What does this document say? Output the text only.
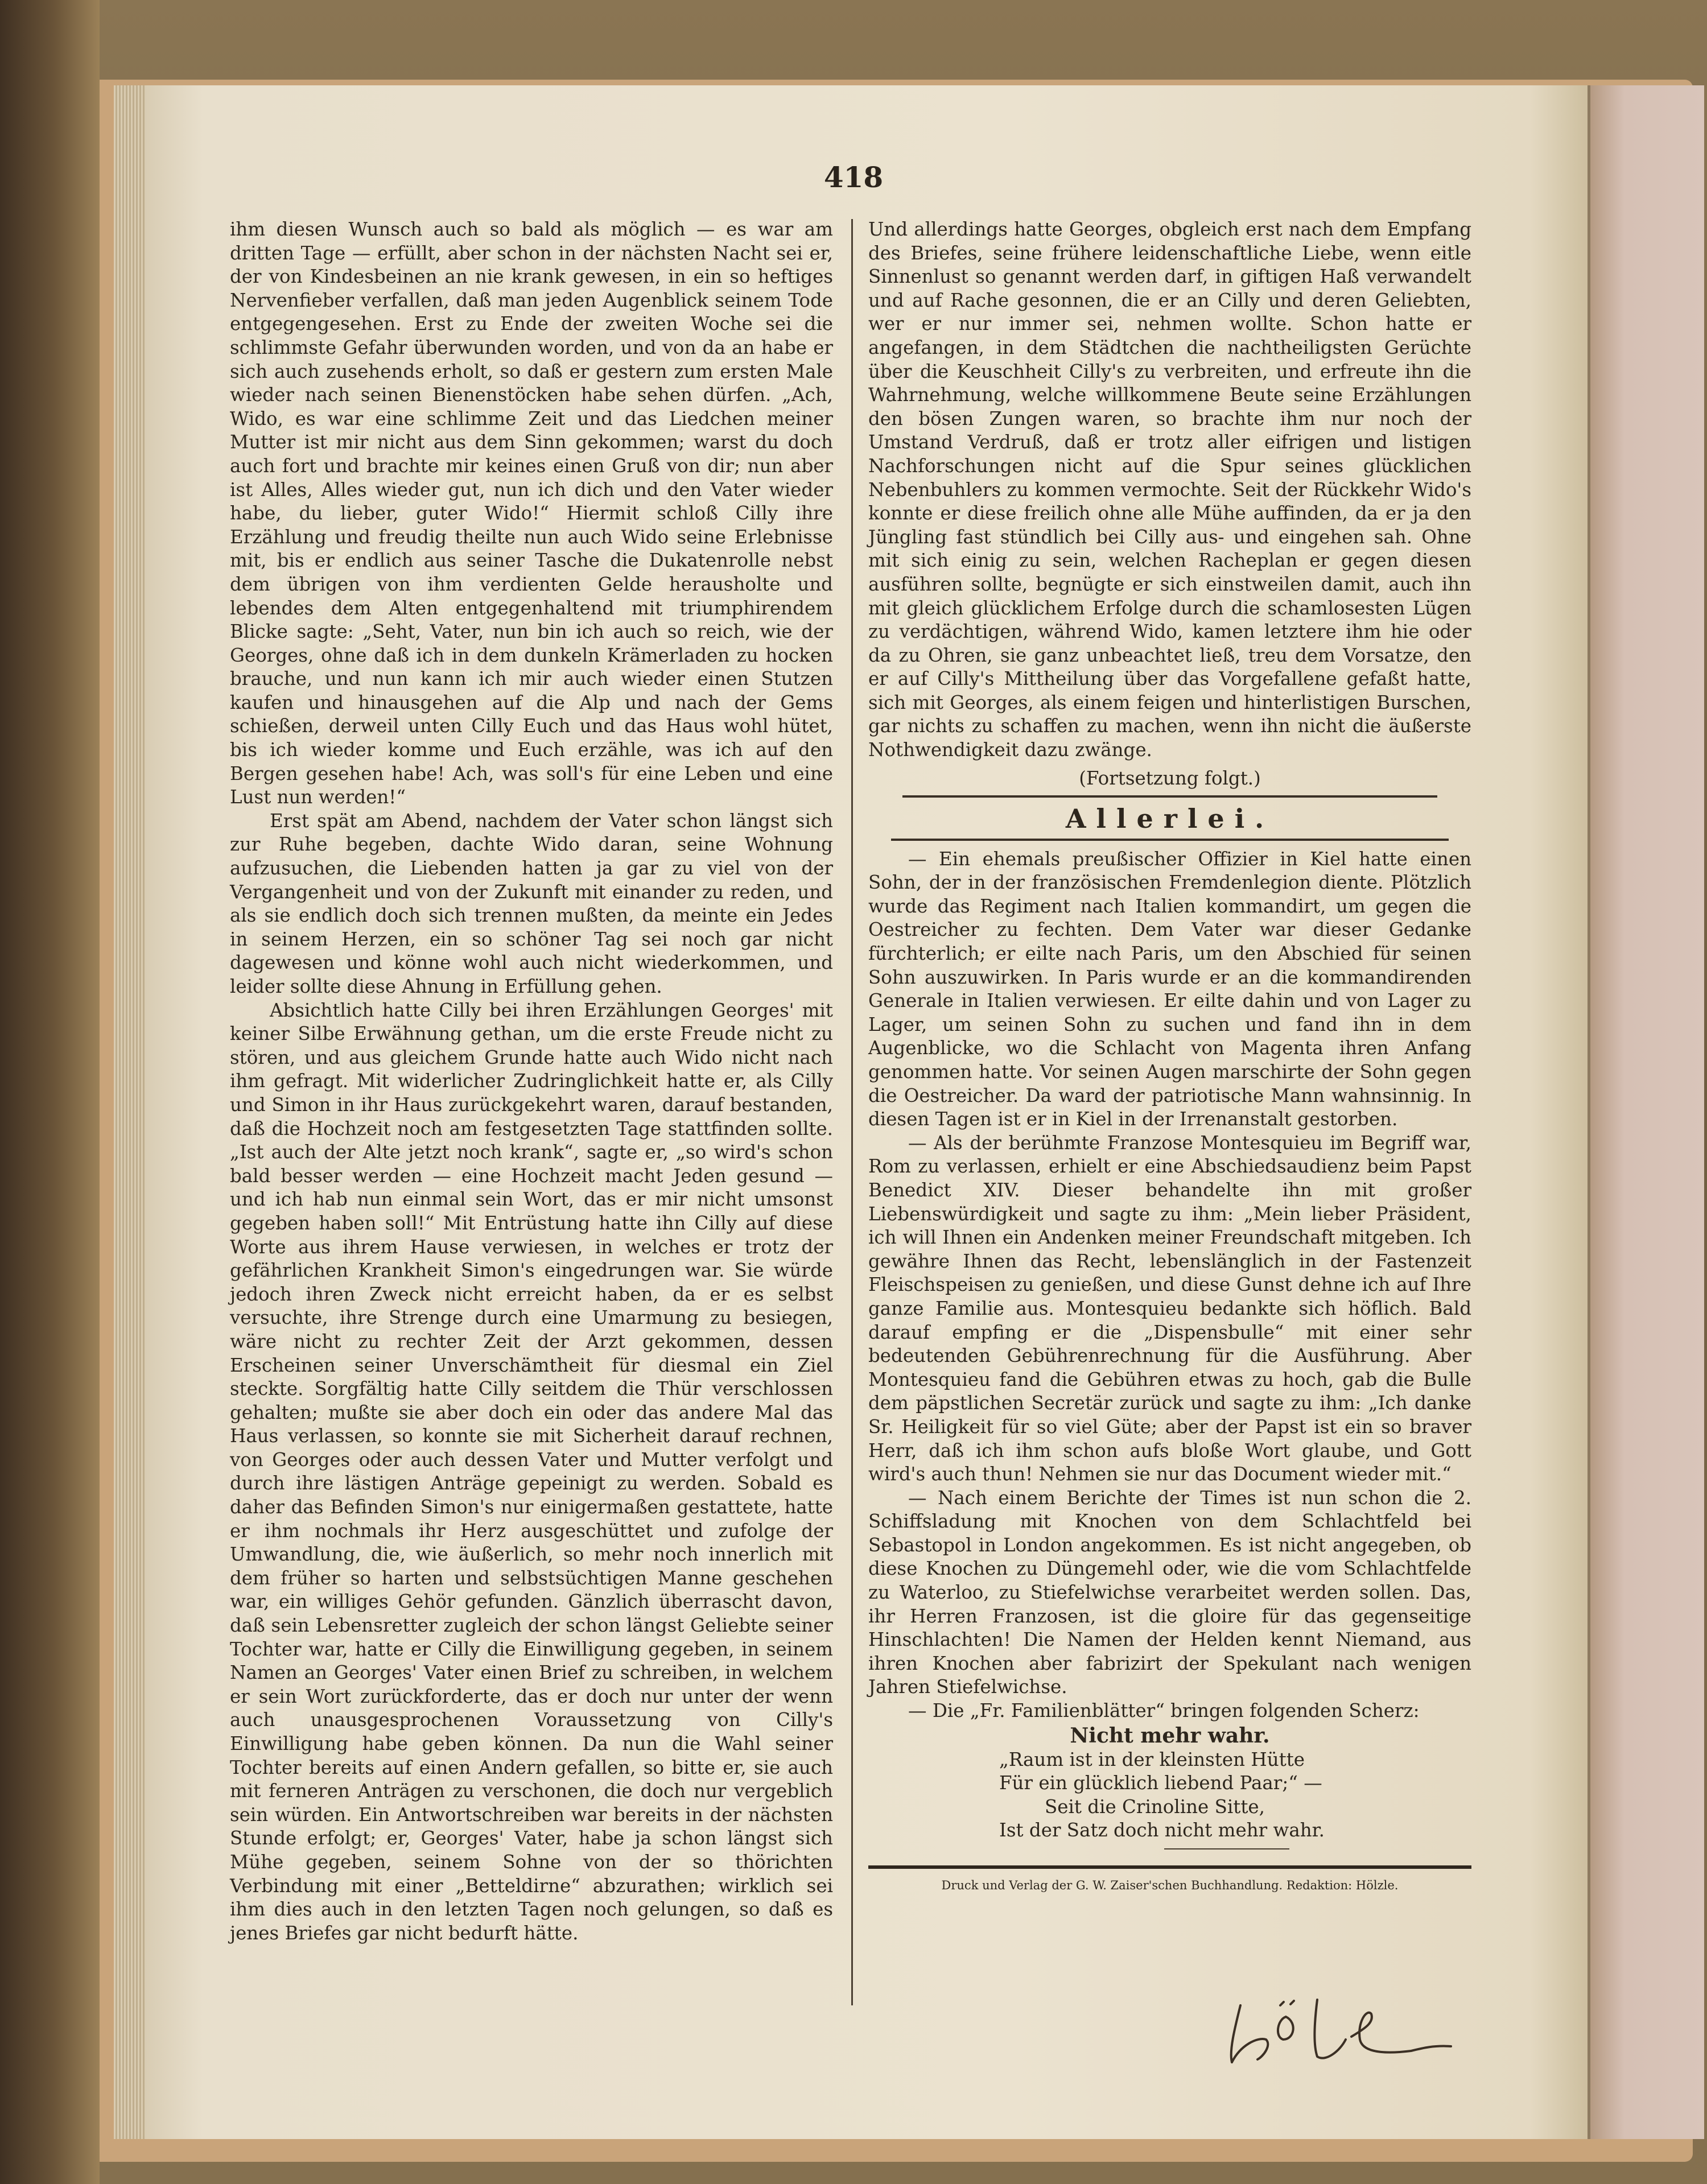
418

ihm diesen Wunsch auch so bald als möglich — es war am dritten Tage — erfüllt, aber schon in der nächsten Nacht sei er, der von Kindesbeinen an nie krank gewesen, in ein so heftiges Nervenfieber verfallen, daß man jeden Augenblick seinem Tode entgegengesehen. Erst zu Ende der zweiten Woche sei die schlimmste Gefahr überwunden worden, und von da an habe er sich auch zusehends erholt, so daß er gestern zum ersten Male wieder nach seinen Bienenstöcken habe sehen dürfen. „Ach, Wido, es war eine schlimme Zeit und das Liedchen meiner Mutter ist mir nicht aus dem Sinn gekommen; warst du doch auch fort und brachte mir keines einen Gruß von dir; nun aber ist Alles, Alles wieder gut, nun ich dich und den Vater wieder habe, du lieber, guter Wido!“ Hiermit schloß Cilly ihre Erzählung und freudig theilte nun auch Wido seine Erlebnisse mit, bis er endlich aus seiner Tasche die Dukatenrolle nebst dem übrigen von ihm verdienten Gelde herausholte und lebendes dem Alten entgegenhaltend mit triumphirendem Blicke sagte: „Seht, Vater, nun bin ich auch so reich, wie der Georges, ohne daß ich in dem dunkeln Krämerladen zu hocken brauche, und nun kann ich mir auch wieder einen Stutzen kaufen und hinausgehen auf die Alp und nach der Gems schießen, derweil unten Cilly Euch und das Haus wohl hütet, bis ich wieder komme und Euch erzähle, was ich auf den Bergen gesehen habe! Ach, was soll's für eine Leben und eine Lust nun werden!“

Erst spät am Abend, nachdem der Vater schon längst sich zur Ruhe begeben, dachte Wido daran, seine Wohnung aufzusuchen, die Liebenden hatten ja gar zu viel von der Vergangenheit und von der Zukunft mit einander zu reden, und als sie endlich doch sich trennen mußten, da meinte ein Jedes in seinem Herzen, ein so schöner Tag sei noch gar nicht dagewesen und könne wohl auch nicht wiederkommen, und leider sollte diese Ahnung in Erfüllung gehen.

Absichtlich hatte Cilly bei ihren Erzählungen Georges' mit keiner Silbe Erwähnung gethan, um die erste Freude nicht zu stören, und aus gleichem Grunde hatte auch Wido nicht nach ihm gefragt. Mit widerlicher Zudringlichkeit hatte er, als Cilly und Simon in ihr Haus zurückgekehrt waren, darauf bestanden, daß die Hochzeit noch am festgesetzten Tage stattfinden sollte. „Ist auch der Alte jetzt noch krank“, sagte er, „so wird's schon bald besser werden — eine Hochzeit macht Jeden gesund — und ich hab nun einmal sein Wort, das er mir nicht umsonst gegeben haben soll!“ Mit Entrüstung hatte ihn Cilly auf diese Worte aus ihrem Hause verwiesen, in welches er trotz der gefährlichen Krankheit Simon's eingedrungen war. Sie würde jedoch ihren Zweck nicht erreicht haben, da er es selbst versuchte, ihre Strenge durch eine Umarmung zu besiegen, wäre nicht zu rechter Zeit der Arzt gekommen, dessen Erscheinen seiner Unverschämtheit für diesmal ein Ziel steckte. Sorgfältig hatte Cilly seitdem die Thür verschlossen gehalten; mußte sie aber doch ein oder das andere Mal das Haus verlassen, so konnte sie mit Sicherheit darauf rechnen, von Georges oder auch dessen Vater und Mutter verfolgt und durch ihre lästigen Anträge gepeinigt zu werden. Sobald es daher das Befinden Simon's nur einigermaßen gestattete, hatte er ihm nochmals ihr Herz ausgeschüttet und zufolge der Umwandlung, die, wie äußerlich, so mehr noch innerlich mit dem früher so harten und selbstsüchtigen Manne geschehen war, ein williges Gehör gefunden. Gänzlich überrascht davon, daß sein Lebensretter zugleich der schon längst Geliebte seiner Tochter war, hatte er Cilly die Einwilligung gegeben, in seinem Namen an Georges' Vater einen Brief zu schreiben, in welchem er sein Wort zurückforderte, das er doch nur unter der wenn auch unausgesprochenen Voraussetzung von Cilly's Einwilligung habe geben können. Da nun die Wahl seiner Tochter bereits auf einen Andern gefallen, so bitte er, sie auch mit ferneren Anträgen zu verschonen, die doch nur vergeblich sein würden. Ein Antwortschreiben war bereits in der nächsten Stunde erfolgt; er, Georges' Vater, habe ja schon längst sich Mühe gegeben, seinem Sohne von der so thörichten Verbindung mit einer „Betteldirne“ abzurathen; wirklich sei ihm dies auch in den letzten Tagen noch gelungen, so daß es jenes Briefes gar nicht bedurft hätte.

Und allerdings hatte Georges, obgleich erst nach dem Empfang des Briefes, seine frühere leidenschaftliche Liebe, wenn eitle Sinnenlust so genannt werden darf, in giftigen Haß verwandelt und auf Rache gesonnen, die er an Cilly und deren Geliebten, wer er nur immer sei, nehmen wollte. Schon hatte er angefangen, in dem Städtchen die nachtheiligsten Gerüchte über die Keuschheit Cilly's zu verbreiten, und erfreute ihn die Wahrnehmung, welche willkommene Beute seine Erzählungen den bösen Zungen waren, so brachte ihm nur noch der Umstand Verdruß, daß er trotz aller eifrigen und listigen Nachforschungen nicht auf die Spur seines glücklichen Nebenbuhlers zu kommen vermochte. Seit der Rückkehr Wido's konnte er diese freilich ohne alle Mühe auffinden, da er ja den Jüngling fast stündlich bei Cilly aus- und eingehen sah. Ohne mit sich einig zu sein, welchen Racheplan er gegen diesen ausführen sollte, begnügte er sich einstweilen damit, auch ihn mit gleich glücklichem Erfolge durch die schamlosesten Lügen zu verdächtigen, während Wido, kamen letztere ihm hie oder da zu Ohren, sie ganz unbeachtet ließ, treu dem Vorsatze, den er auf Cilly's Mittheilung über das Vorgefallene gefaßt hatte, sich mit Georges, als einem feigen und hinterlistigen Burschen, gar nichts zu schaffen zu machen, wenn ihn nicht die äußerste Nothwendigkeit dazu zwänge.

(Fortsetzung folgt.)
Allerlei.

— Ein ehemals preußischer Offizier in Kiel hatte einen Sohn, der in der französischen Fremdenlegion diente. Plötzlich wurde das Regiment nach Italien kommandirt, um gegen die Oestreicher zu fechten. Dem Vater war dieser Gedanke fürchterlich; er eilte nach Paris, um den Abschied für seinen Sohn auszuwirken. In Paris wurde er an die kommandirenden Generale in Italien verwiesen. Er eilte dahin und von Lager zu Lager, um seinen Sohn zu suchen und fand ihn in dem Augenblicke, wo die Schlacht von Magenta ihren Anfang genommen hatte. Vor seinen Augen marschirte der Sohn gegen die Oestreicher. Da ward der patriotische Mann wahnsinnig. In diesen Tagen ist er in Kiel in der Irrenanstalt gestorben.

— Als der berühmte Franzose Montesquieu im Begriff war, Rom zu verlassen, erhielt er eine Abschiedsaudienz beim Papst Benedict XIV. Dieser behandelte ihn mit großer Liebenswürdigkeit und sagte zu ihm: „Mein lieber Präsident, ich will Ihnen ein Andenken meiner Freundschaft mitgeben. Ich gewähre Ihnen das Recht, lebenslänglich in der Fastenzeit Fleischspeisen zu genießen, und diese Gunst dehne ich auf Ihre ganze Familie aus. Montesquieu bedankte sich höflich. Bald darauf empfing er die „Dispensbulle“ mit einer sehr bedeutenden Gebührenrechnung für die Ausführung. Aber Montesquieu fand die Gebühren etwas zu hoch, gab die Bulle dem päpstlichen Secretär zurück und sagte zu ihm: „Ich danke Sr. Heiligkeit für so viel Güte; aber der Papst ist ein so braver Herr, daß ich ihm schon aufs bloße Wort glaube, und Gott wird's auch thun! Nehmen sie nur das Document wieder mit.“

— Nach einem Berichte der Times ist nun schon die 2. Schiffsladung mit Knochen von dem Schlachtfeld bei Sebastopol in London angekommen. Es ist nicht angegeben, ob diese Knochen zu Düngemehl oder, wie die vom Schlachtfelde zu Waterloo, zu Stiefelwichse verarbeitet werden sollen. Das, ihr Herren Franzosen, ist die gloire für das gegenseitige Hinschlachten! Die Namen der Helden kennt Niemand, aus ihren Knochen aber fabrizirt der Spekulant nach wenigen Jahren Stiefelwichse.

— Die „Fr. Familienblätter“ bringen folgenden Scherz:

Nicht mehr wahr.
„Raum ist in der kleinsten Hütte
Für ein glücklich liebend Paar;“ —
Seit die Crinoline Sitte,
Ist der Satz doch nicht mehr wahr.
Druck und Verlag der G. W. Zaiser'schen Buchhandlung. Redaktion: Hölzle.
